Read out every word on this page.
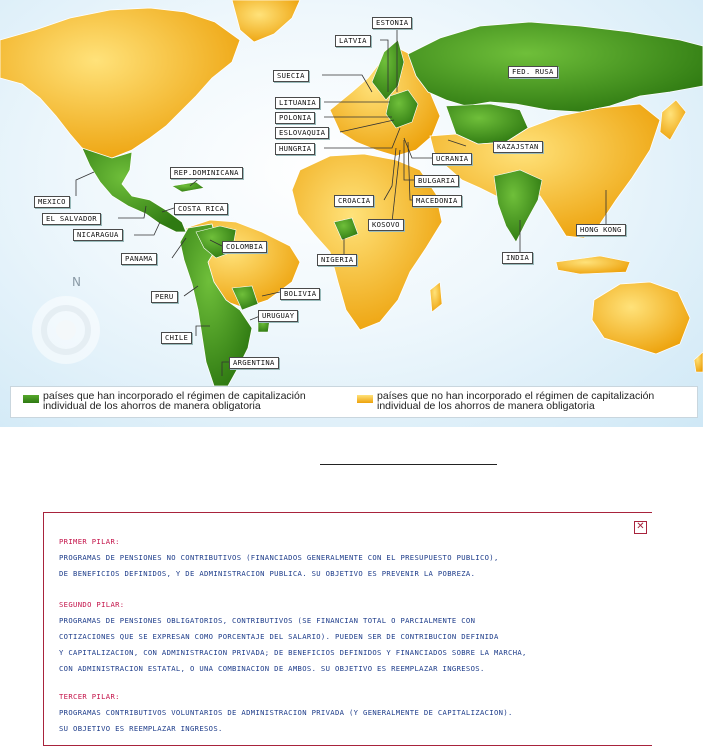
N
ESTONIA
LATVIA
SUECIA	FED. RUSA
LITUANIA
POLONIA
ESLOVAQUIA
KAZAJSTAN
HUNGRIA
UCRANIA
REP.DOMINICANA
BULGARIA
MEXICO	CROACIA	MACEDONIA
COSTA RICA
EL SALVADOR
KOSOVO
HONG KONG
NICARAGUA
COLOMBIA
INDIA
PANAMA	NIGERIA
BOLIVIA
PERU
URUGUAY
CHILE
ARGENTINA
países que han incorporado el régimen de capitalización individual de los ahorros de manera obligatoria
países que no han incorporado el régimen de capitalización individual de los ahorros de manera obligatoria
✕
PRIMER PILAR:
PROGRAMAS DE PENSIONES NO CONTRIBUTIVOS (FINANCIADOS GENERALMENTE CON EL PRESUPUESTO PUBLICO),
DE BENEFICIOS DEFINIDOS, Y DE ADMINISTRACION PUBLICA. SU OBJETIVO ES PREVENIR LA POBREZA.
SEGUNDO PILAR:
PROGRAMAS DE PENSIONES OBLIGATORIOS, CONTRIBUTIVOS (SE FINANCIAN TOTAL O PARCIALMENTE CON
COTIZACIONES QUE SE EXPRESAN COMO PORCENTAJE DEL SALARIO). PUEDEN SER DE CONTRIBUCION DEFINIDA
Y CAPITALIZACION, CON ADMINISTRACION PRIVADA; DE BENEFICIOS DEFINIDOS Y FINANCIADOS SOBRE LA MARCHA,
CON ADMINISTRACION ESTATAL, O UNA COMBINACION DE AMBOS. SU OBJETIVO ES REEMPLAZAR INGRESOS.
TERCER PILAR:
PROGRAMAS CONTRIBUTIVOS VOLUNTARIOS DE ADMINISTRACION PRIVADA (Y GENERALMENTE DE CAPITALIZACION).
SU OBJETIVO ES REEMPLAZAR INGRESOS.
